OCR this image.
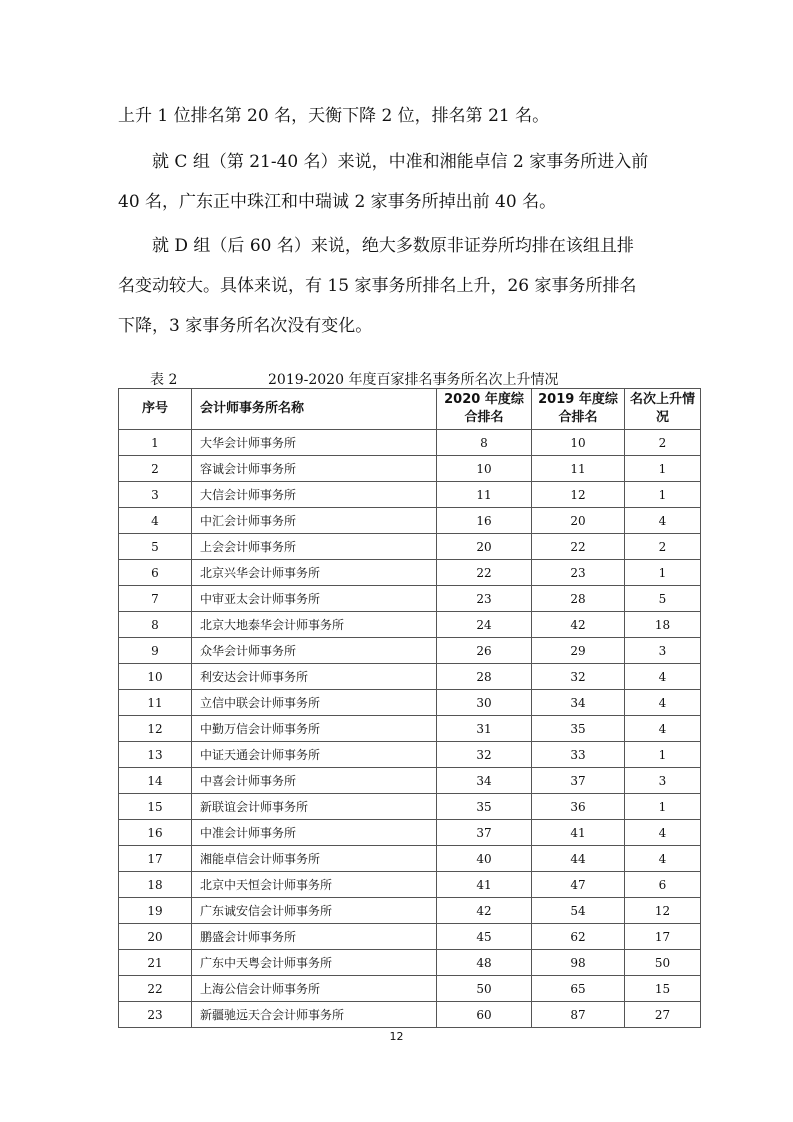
上升 1 位排名第 20 名，天衡下降 2 位，排名第 21 名。
　　就 C 组（第 21-40 名）来说，中准和湘能卓信 2 家事务所进入前
40 名，广东正中珠江和中瑞诚 2 家事务所掉出前 40 名。
　　就 D 组（后 60 名）来说，绝大多数原非证券所均排在该组且排
名变动较大。具体来说，有 15 家事务所排名上升，26 家事务所排名
下降，3 家事务所名次没有变化。
表 2	2019-2020 年度百家排名事务所名次上升情况
序号	会计师事务所名称	2020 年度综合排名	2019 年度综合排名	名次上升情况
1	大华会计师事务所	8	10	2
2	容诚会计师事务所	10	11	1
3	大信会计师事务所	11	12	1
4	中汇会计师事务所	16	20	4
5	上会会计师事务所	20	22	2
6	北京兴华会计师事务所	22	23	1
7	中审亚太会计师事务所	23	28	5
8	北京大地泰华会计师事务所	24	42	18
9	众华会计师事务所	26	29	3
10	利安达会计师事务所	28	32	4
11	立信中联会计师事务所	30	34	4
12	中勤万信会计师事务所	31	35	4
13	中证天通会计师事务所	32	33	1
14	中喜会计师事务所	34	37	3
15	新联谊会计师事务所	35	36	1
16	中准会计师事务所	37	41	4
17	湘能卓信会计师事务所	40	44	4
18	北京中天恒会计师事务所	41	47	6
19	广东诚安信会计师事务所	42	54	12
20	鹏盛会计师事务所	45	62	17
21	广东中天粤会计师事务所	48	98	50
22	上海公信会计师事务所	50	65	15
23	新疆驰远天合会计师事务所	60	87	27
12
